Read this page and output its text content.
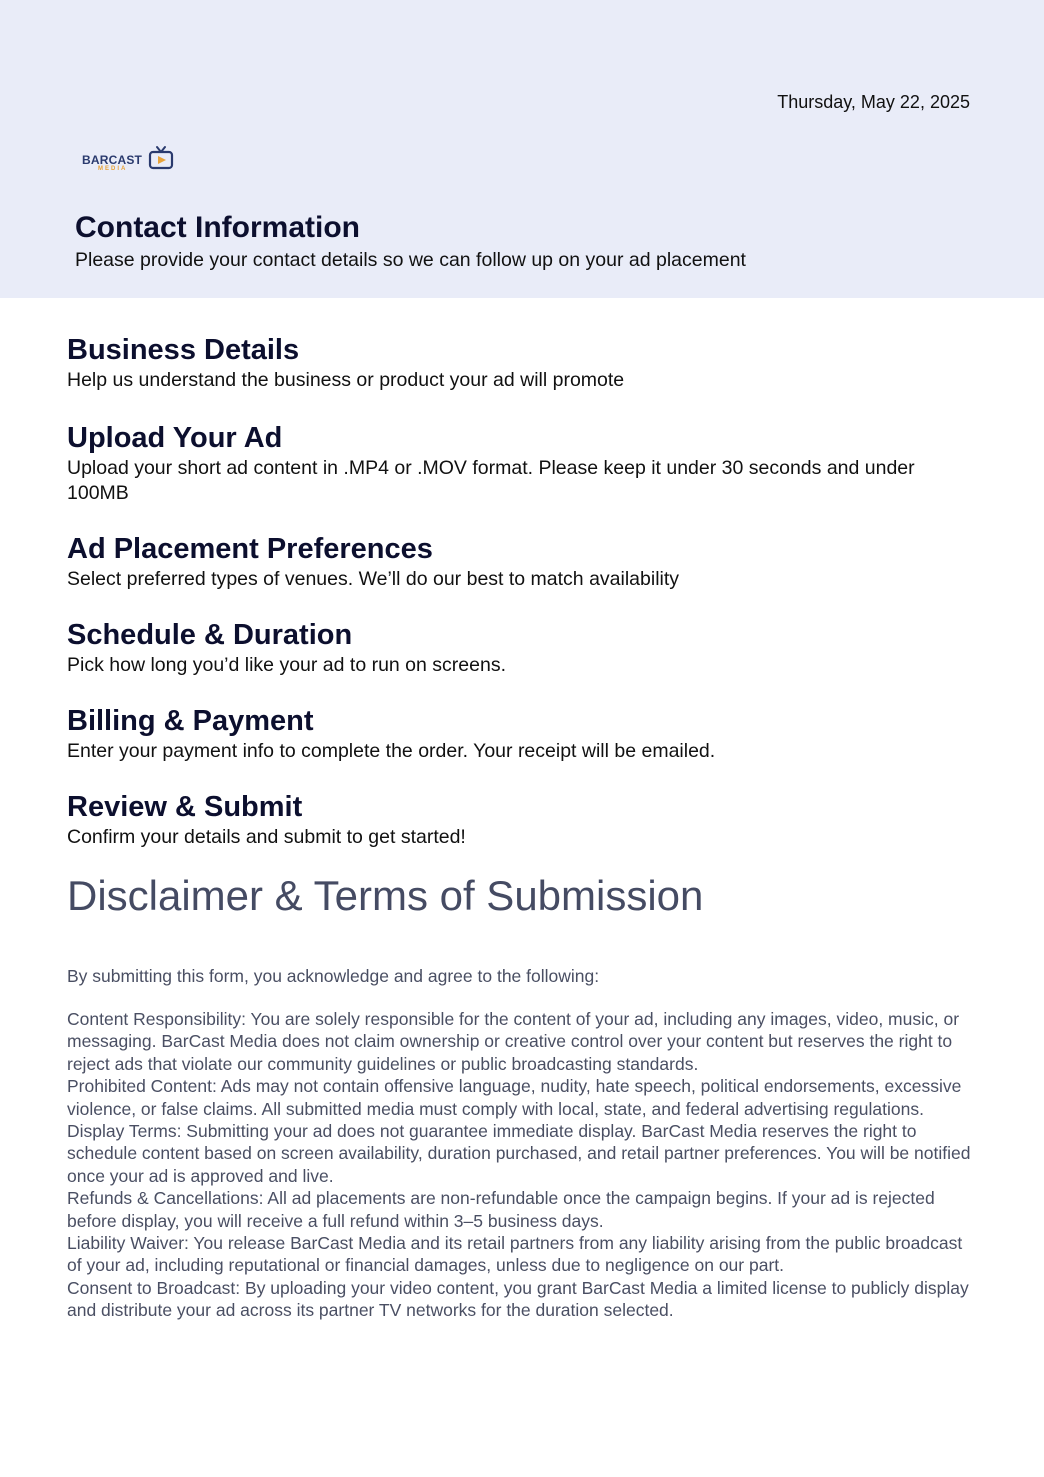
Thursday, May 22, 2025
BARCAST
MEDIA
Contact Information
Please provide your contact details so we can follow up on your ad placement
Business Details

Help us understand the business or product your ad will promote

Upload Your Ad

Upload your short ad content in .MP4 or .MOV format. Please keep it under 30 seconds and under 100MB

Ad Placement Preferences

Select preferred types of venues. We’ll do our best to match availability

Schedule & Duration

Pick how long you’d like your ad to run on screens.

Billing & Payment

Enter your payment info to complete the order. Your receipt will be emailed.

Review & Submit

Confirm your details and submit to get started!

Disclaimer & Terms of Submission

By submitting this form, you acknowledge and agree to the following:

Content Responsibility: You are solely responsible for the content of your ad, including any images, video, music, or messaging. BarCast Media does not claim ownership or creative control over your content but reserves the right to reject ads that violate our community guidelines or public broadcasting standards.

Prohibited Content: Ads may not contain offensive language, nudity, hate speech, political endorsements, excessive violence, or false claims. All submitted media must comply with local, state, and federal advertising regulations.

Display Terms: Submitting your ad does not guarantee immediate display. BarCast Media reserves the right to schedule content based on screen availability, duration purchased, and retail partner preferences. You will be notified once your ad is approved and live.

Refunds & Cancellations: All ad placements are non-refundable once the campaign begins. If your ad is rejected before display, you will receive a full refund within 3–5 business days.

Liability Waiver: You release BarCast Media and its retail partners from any liability arising from the public broadcast of your ad, including reputational or financial damages, unless due to negligence on our part.

Consent to Broadcast: By uploading your video content, you grant BarCast Media a limited license to publicly display and distribute your ad across its partner TV networks for the duration selected.
